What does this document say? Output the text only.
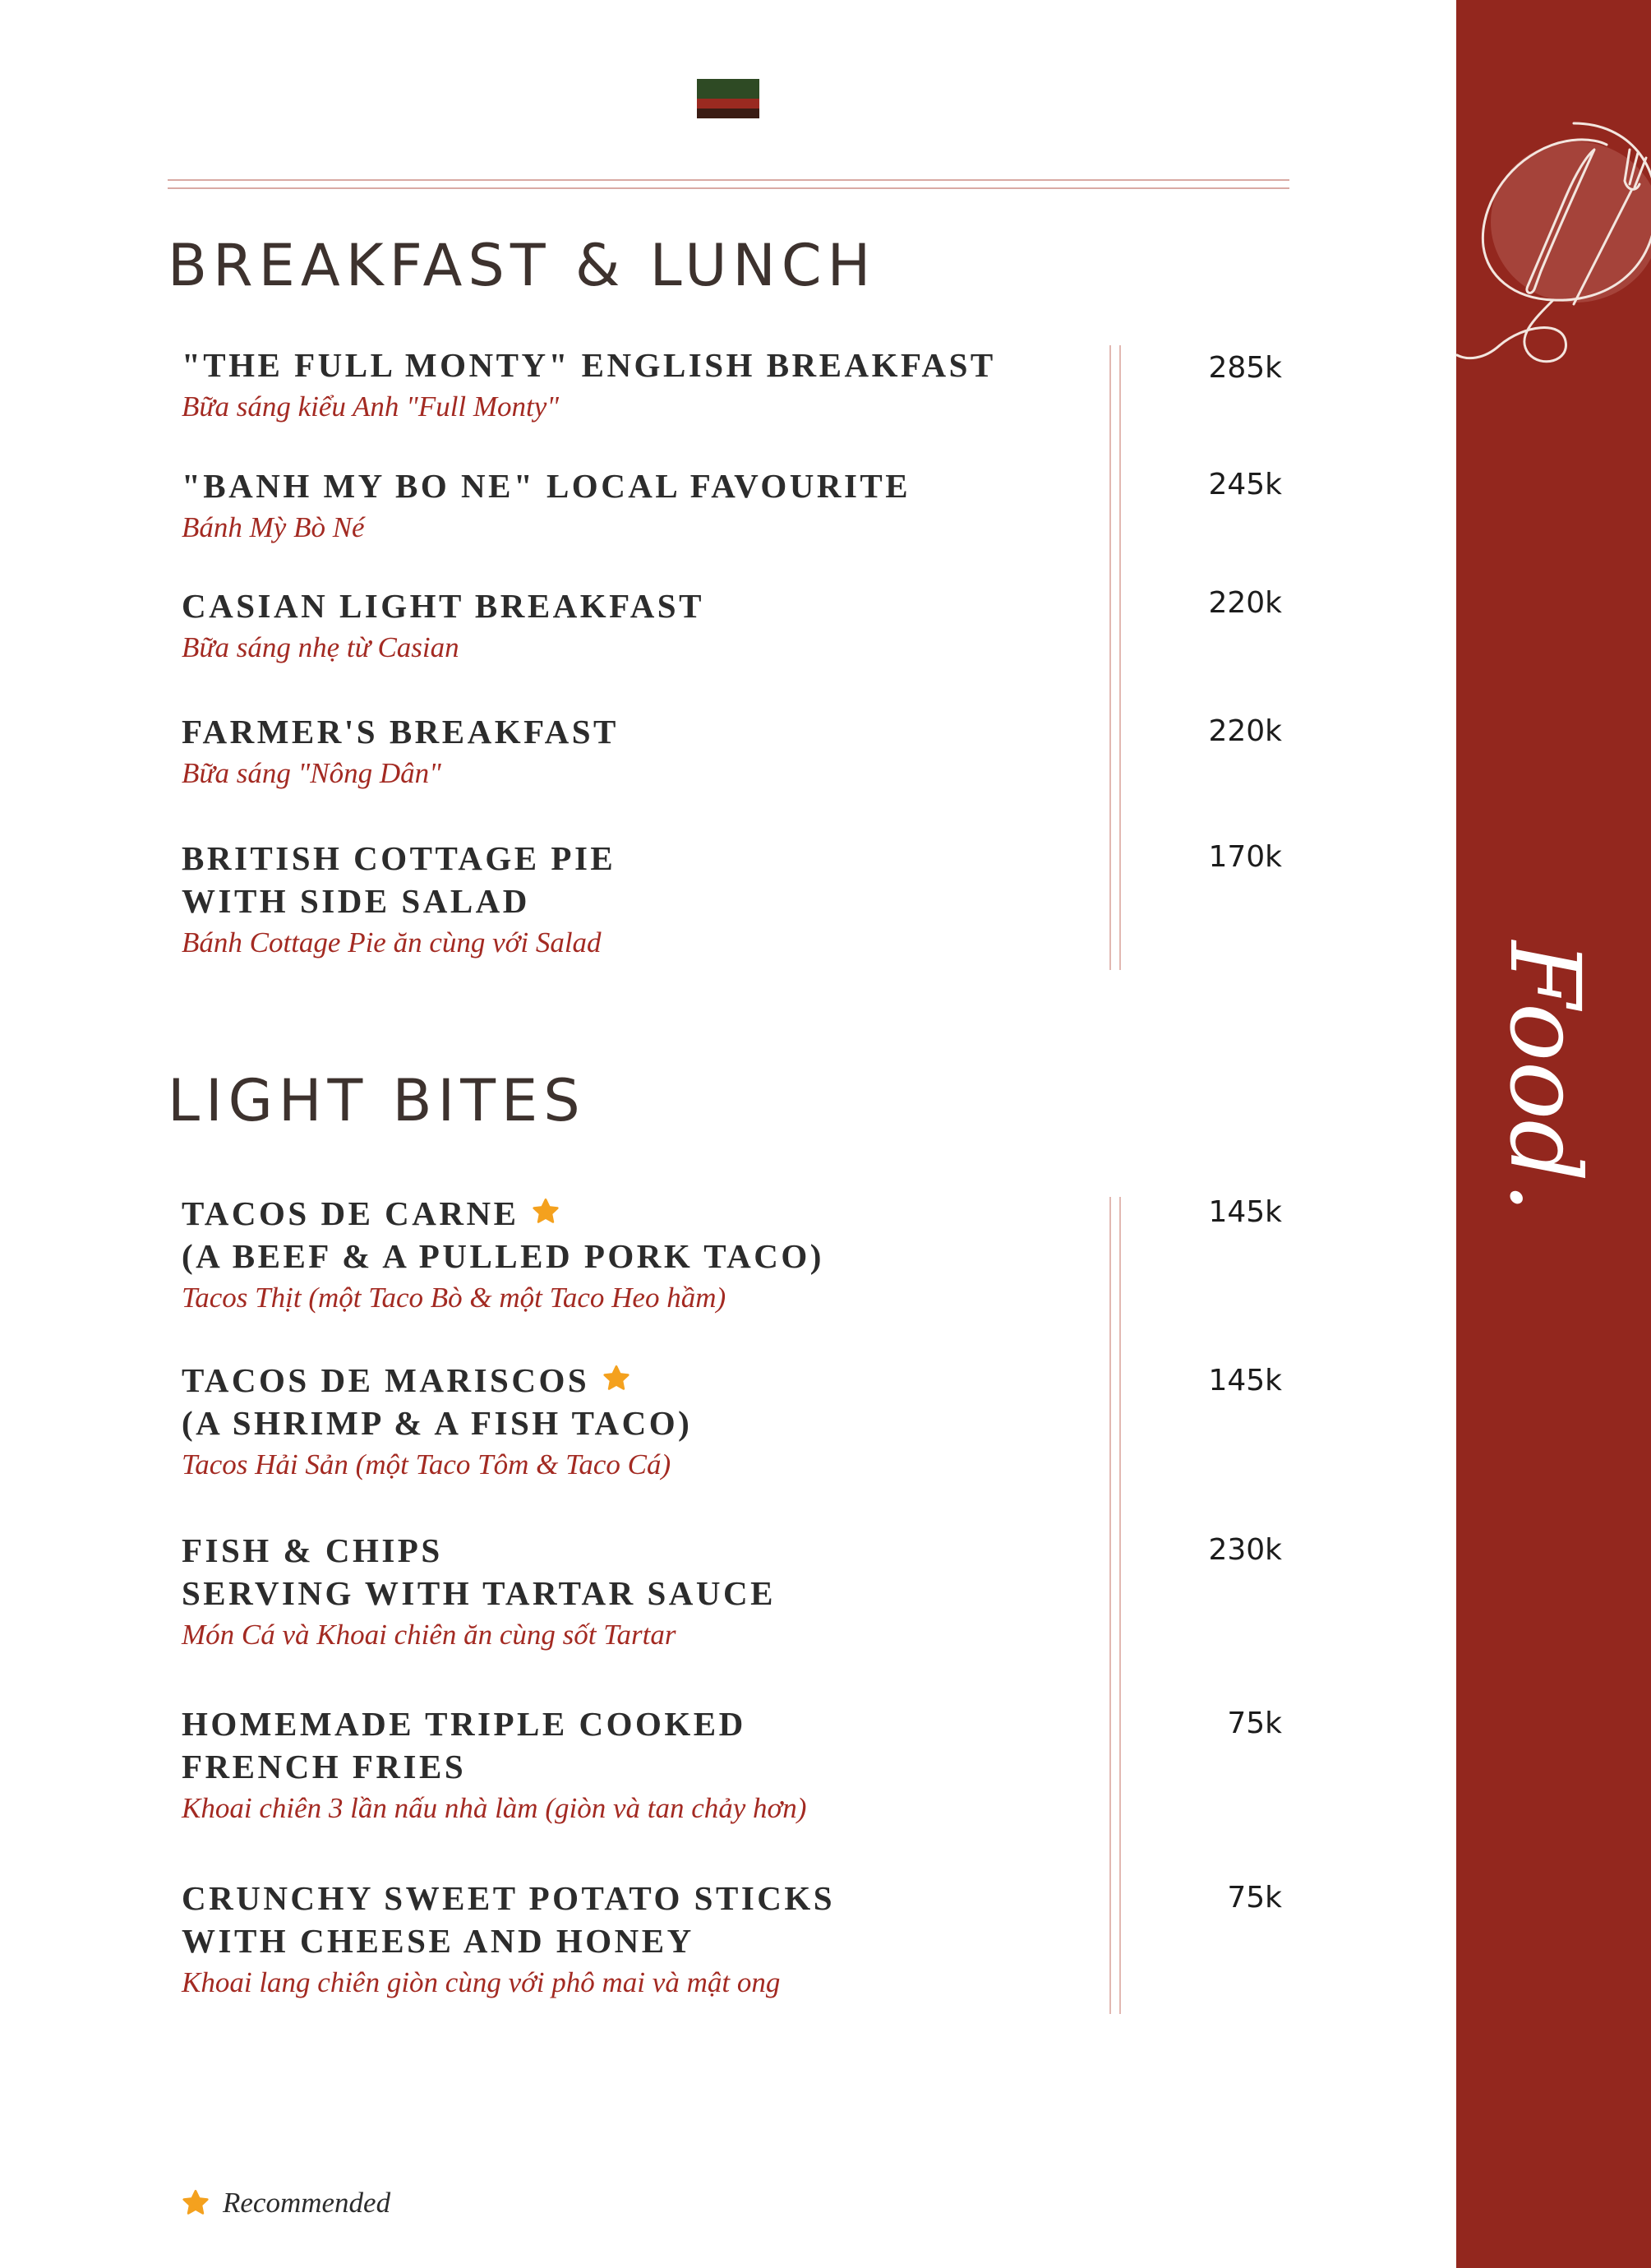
BREAKFAST & LUNCH
"THE FULL MONTY" ENGLISH BREAKFAST
Bữa sáng kiểu Anh "Full Monty"
285k
"BANH MY BO NE" LOCAL FAVOURITE
Bánh Mỳ Bò Né
245k
CASIAN LIGHT BREAKFAST
Bữa sáng nhẹ từ Casian
220k
FARMER'S BREAKFAST
Bữa sáng "Nông Dân"
220k
BRITISH COTTAGE PIE
WITH SIDE SALAD
Bánh Cottage Pie ăn cùng với Salad
170k
LIGHT BITES
TACOS DE CARNE
(A BEEF & A PULLED PORK TACO)
Tacos Thịt (một Taco Bò & một Taco Heo hầm)
145k
TACOS DE MARISCOS
(A SHRIMP & A FISH TACO)
Tacos Hải Sản (một Taco Tôm & Taco Cá)
145k
FISH & CHIPS
SERVING WITH TARTAR SAUCE
Món Cá và Khoai chiên ăn cùng sốt Tartar
230k
HOMEMADE TRIPLE COOKED
FRENCH FRIES
Khoai chiên 3 lần nấu nhà làm (giòn và tan chảy hơn)
75k
CRUNCHY SWEET POTATO STICKS
WITH CHEESE AND HONEY
Khoai lang chiên giòn cùng với phô mai và mật ong
75k
Recommended
Food.
